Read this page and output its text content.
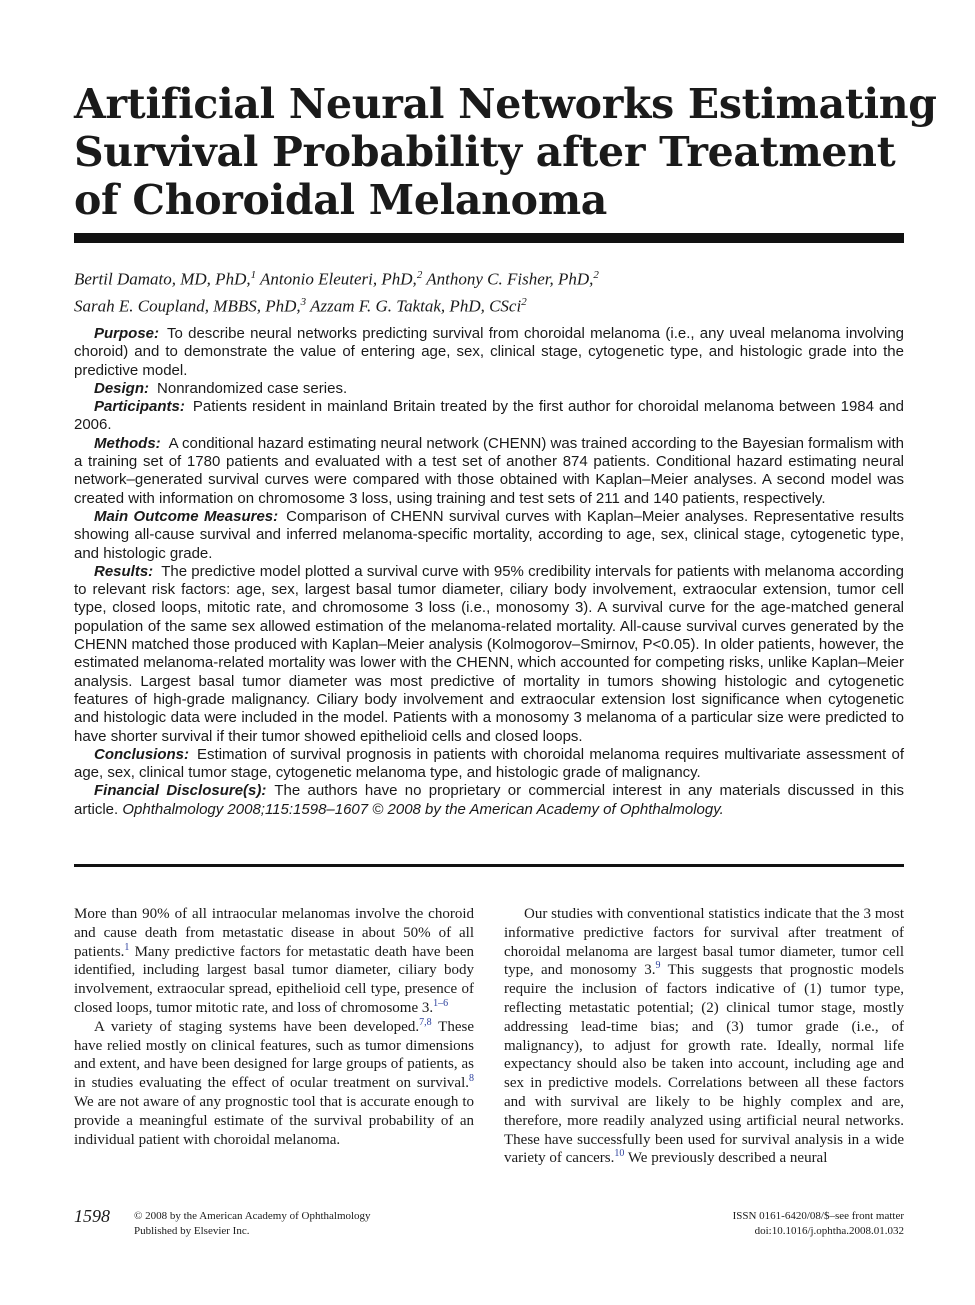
Artificial Neural Networks Estimating
Survival Probability after Treatment
of Choroidal Melanoma
Bertil Damato, MD, PhD,$^1$ Antonio Eleuteri, PhD,$^2$ Anthony C. Fisher, PhD,$^2$
Sarah E. Coupland, MBBS, PhD,$^3$ Azzam F. G. Taktak, PhD, CSci$^2$

Purpose: To describe neural networks predicting survival from choroidal melanoma (i.e., any uveal melanoma involving choroid) and to demonstrate the value of entering age, sex, clinical stage, cytogenetic type, and histologic grade into the predictive model.

Design: Nonrandomized case series.

Participants: Patients resident in mainland Britain treated by the first author for choroidal melanoma between 1984 and 2006.

Methods: A conditional hazard estimating neural network (CHENN) was trained according to the Bayesian formalism with a training set of 1780 patients and evaluated with a test set of another 874 patients. Conditional hazard estimating neural network–generated survival curves were compared with those obtained with Kaplan–Meier analyses. A second model was created with information on chromosome 3 loss, using training and test sets of 211 and 140 patients, respectively.

Main Outcome Measures: Comparison of CHENN survival curves with Kaplan–Meier analyses. Representative results showing all-cause survival and inferred melanoma-specific mortality, according to age, sex, clinical stage, cytogenetic type, and histologic grade.

Results: The predictive model plotted a survival curve with 95% credibility intervals for patients with melanoma according to relevant risk factors: age, sex, largest basal tumor diameter, ciliary body involvement, extraocular extension, tumor cell type, closed loops, mitotic rate, and chromosome 3 loss (i.e., monosomy 3). A survival curve for the age-matched general population of the same sex allowed estimation of the melanoma-related mortality. All-cause survival curves generated by the CHENN matched those produced with Kaplan–Meier analysis (Kolmogorov–Smirnov, P<0.05). In older patients, however, the estimated melanoma-related mortality was lower with the CHENN, which accounted for competing risks, unlike Kaplan–Meier analysis. Largest basal tumor diameter was most predictive of mortality in tumors showing histologic and cytogenetic features of high-grade malignancy. Ciliary body involvement and extraocular extension lost significance when cytogenetic and histologic data were included in the model. Patients with a monosomy 3 melanoma of a particular size were predicted to have shorter survival if their tumor showed epithelioid cells and closed loops.

Conclusions: Estimation of survival prognosis in patients with choroidal melanoma requires multivariate assessment of age, sex, clinical tumor stage, cytogenetic melanoma type, and histologic grade of malignancy.

Financial Disclosure(s): The authors have no proprietary or commercial interest in any materials discussed in this article. Ophthalmology 2008;115:1598–1607 © 2008 by the American Academy of Ophthalmology.

More than 90% of all intraocular melanomas involve the choroid and cause death from metastatic disease in about 50% of all patients.$^1$ Many predictive factors for metastatic death have been identified, including largest basal tumor diameter, ciliary body involvement, extraocular spread, epithelioid cell type, presence of closed loops, tumor mitotic rate, and loss of chromosome 3.$^{1-6}$

A variety of staging systems have been developed.$^{7,8}$ These have relied mostly on clinical features, such as tumor dimensions and extent, and have been designed for large groups of patients, as in studies evaluating the effect of ocular treatment on survival.$^8$ We are not aware of any prognostic tool that is accurate enough to provide a meaningful estimate of the survival probability of an individual patient with choroidal melanoma.

Our studies with conventional statistics indicate that the 3 most informative predictive factors for survival after treatment of choroidal melanoma are largest basal tumor diameter, tumor cell type, and monosomy 3.$^9$ This suggests that prognostic models require the inclusion of factors indicative of (1) tumor type, reflecting metastatic potential; (2) clinical tumor stage, mostly addressing lead-time bias; and (3) tumor grade (i.e., of malignancy), to adjust for growth rate. Ideally, normal life expectancy should also be taken into account, including age and sex in predictive models. Correlations between all these factors and with survival are likely to be highly complex and are, therefore, more readily analyzed using artificial neural networks. These have successfully been used for survival analysis in a wide variety of cancers.$^{10}$ We previously described a neural

1598 © 2008 by the American Academy of Ophthalmology
Published by Elsevier Inc.
ISSN 0161-6420/08/$–see front matter
doi:10.1016/j.ophtha.2008.01.032
